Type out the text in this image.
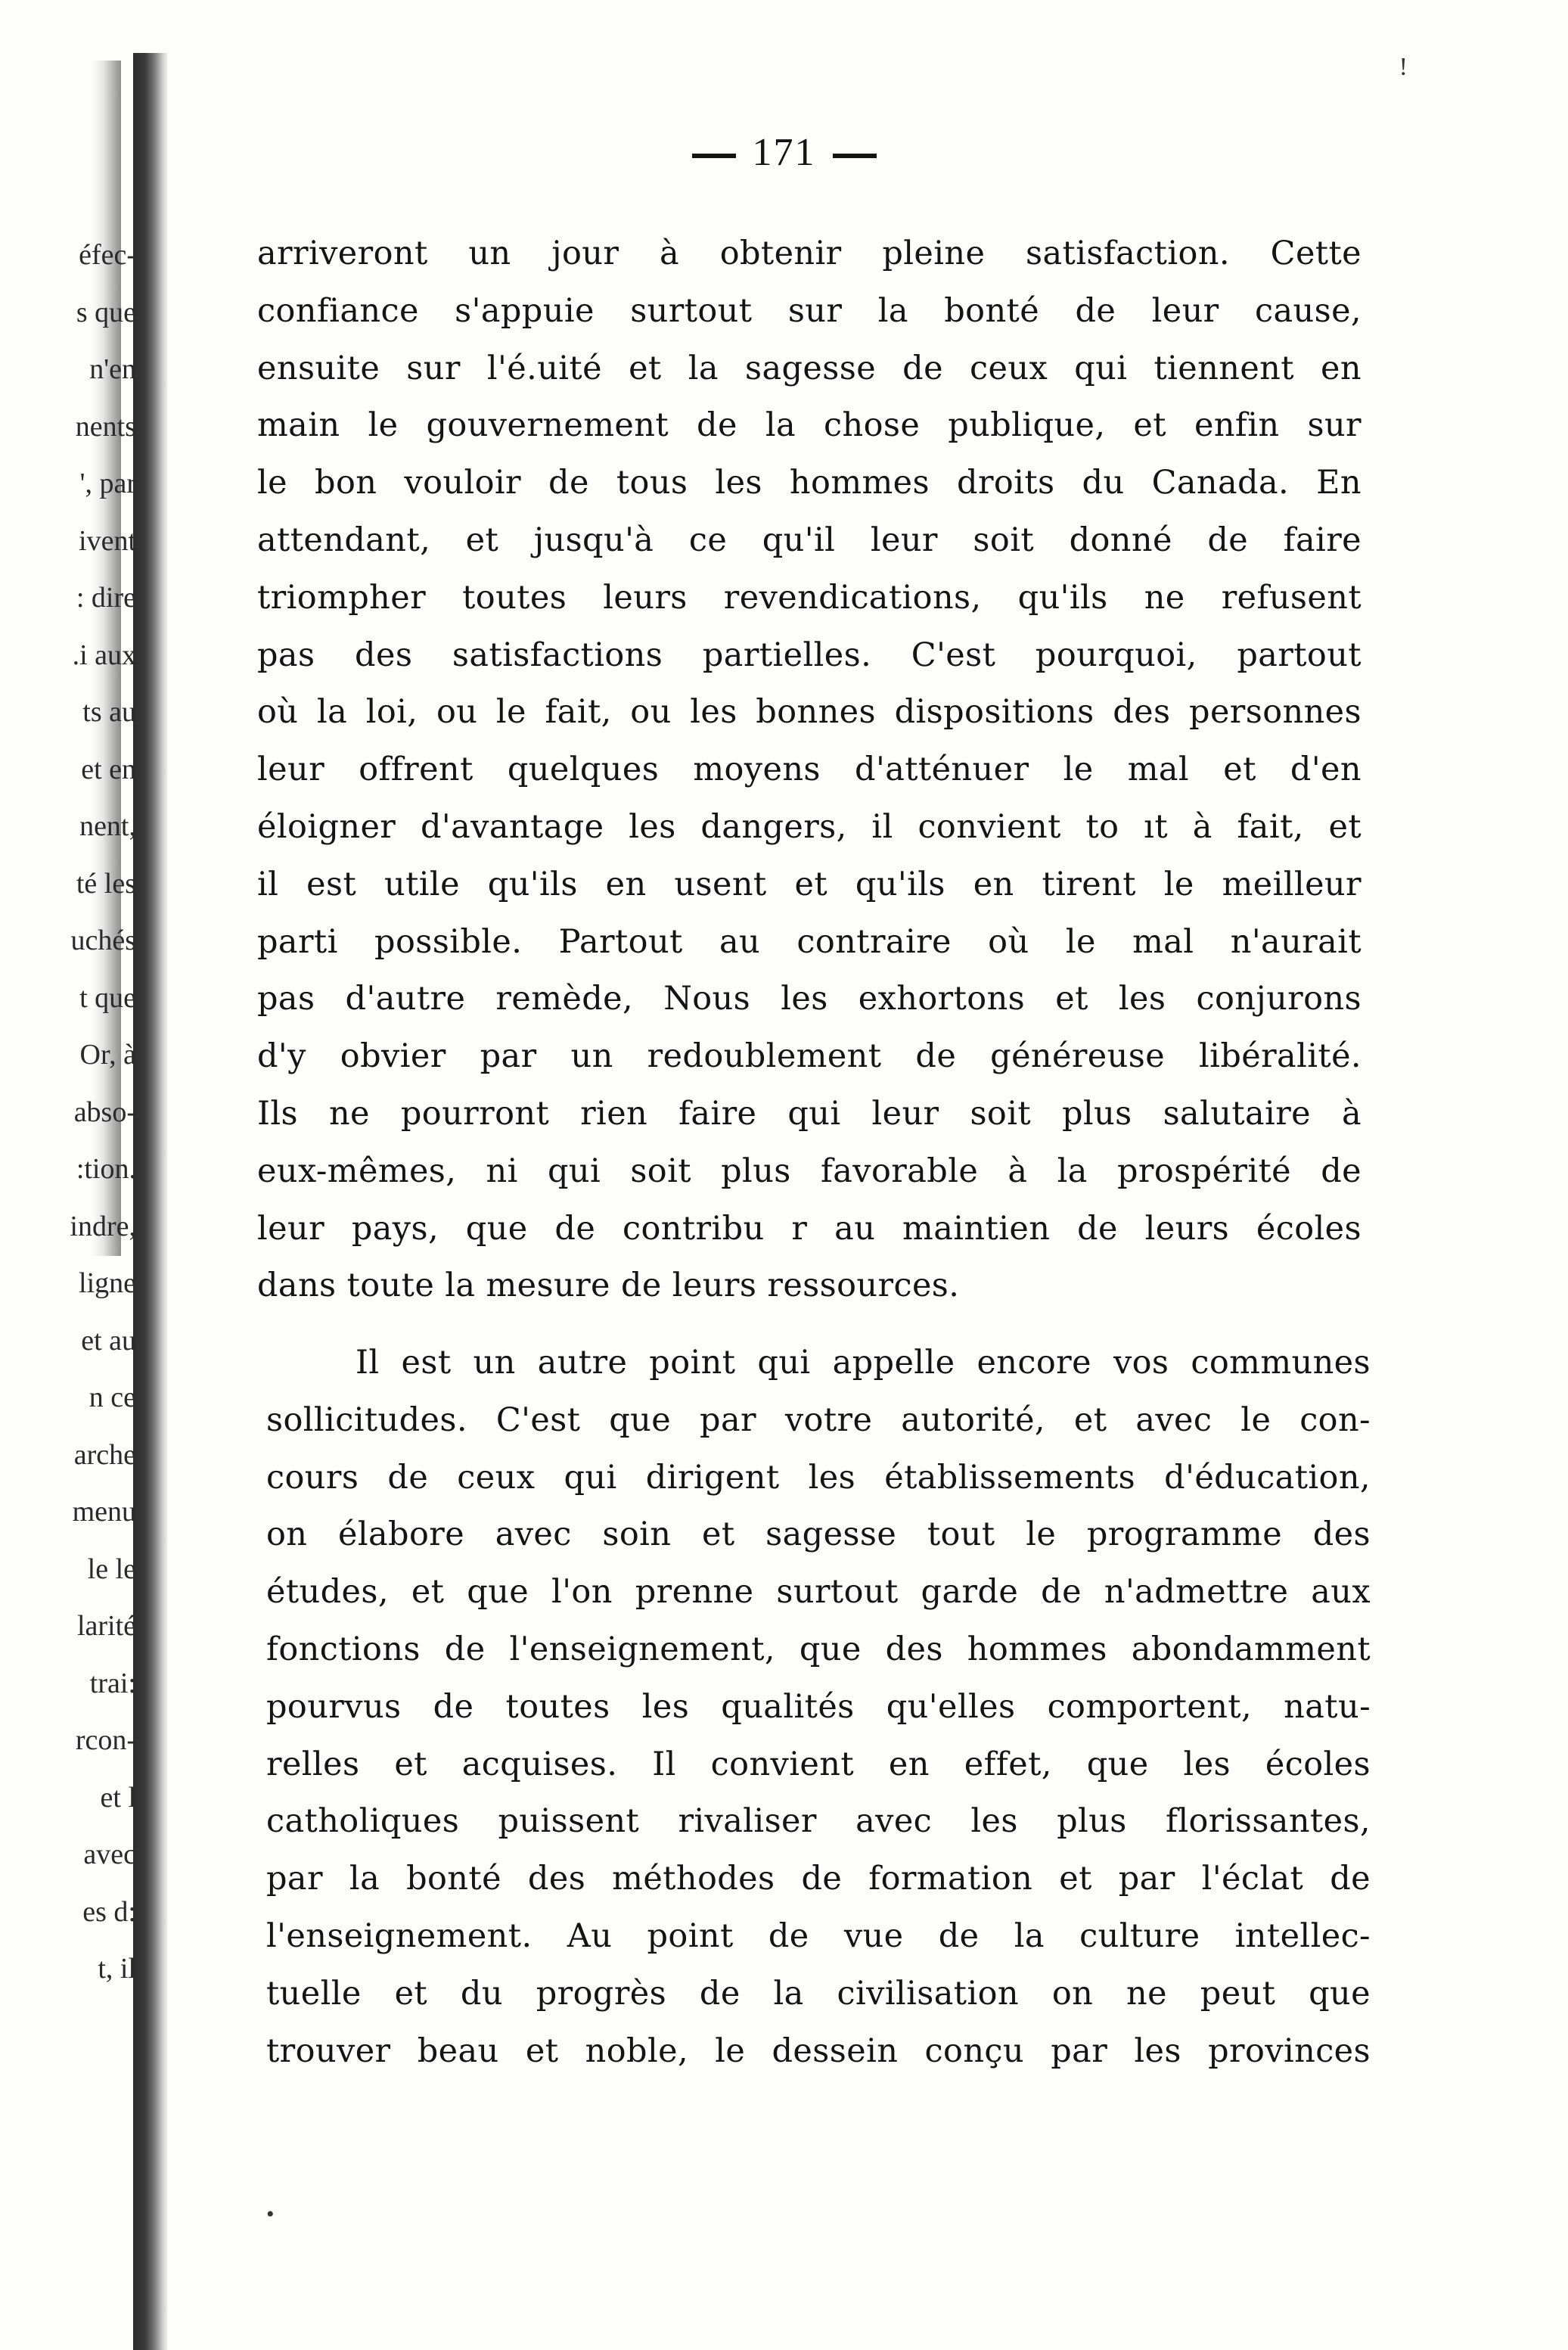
!
éfec-
s que
n'en
nents
', par
ivent
: dire
.i aux
ts au
et en
nent,
té les
uchés
t que
Or, à
abso-
:tion.
indre,
ligne
et au
n ce
arche
menu
le le
larité
trai:
rcon-
et l
avec
es d:
t, il
171
arriveront un jour à obtenir pleine satisfaction. Cette
confiance s'appuie surtout sur la bonté de leur cause,
ensuite sur l'é.uité et la sagesse de ceux qui tiennent en
main le gouvernement de la chose publique, et enfin sur
le bon vouloir de tous les hommes droits du Canada. En
attendant, et jusqu'à ce qu'il leur soit donné de faire
triompher toutes leurs revendications, qu'ils ne refusent
pas des satisfactions partielles. C'est pourquoi, partout
où la loi, ou le fait, ou les bonnes dispositions des personnes
leur offrent quelques moyens d'atténuer le mal et d'en
éloigner d'avantage les dangers, il convient to ıt à fait, et
il est utile qu'ils en usent et qu'ils en tirent le meilleur
parti possible. Partout au contraire où le mal n'aurait
pas d'autre remède, Nous les exhortons et les conjurons
d'y obvier par un redoublement de généreuse libéralité.
Ils ne pourront rien faire qui leur soit plus salutaire à
eux-mêmes, ni qui soit plus favorable à la prospérité de
leur pays, que de contribu r au maintien de leurs écoles
dans toute la mesure de leurs ressources.
Il est un autre point qui appelle encore vos communes
sollicitudes. C'est que par votre autorité, et avec le con-
cours de ceux qui dirigent les établissements d'éducation,
on élabore avec soin et sagesse tout le programme des
études, et que l'on prenne surtout garde de n'admettre aux
fonctions de l'enseignement, que des hommes abondamment
pourvus de toutes les qualités qu'elles comportent, natu-
relles et acquises. Il convient en effet, que les écoles
catholiques puissent rivaliser avec les plus florissantes,
par la bonté des méthodes de formation et par l'éclat de
l'enseignement. Au point de vue de la culture intellec-
tuelle et du progrès de la civilisation on ne peut que
trouver beau et noble, le dessein conçu par les provinces
•
